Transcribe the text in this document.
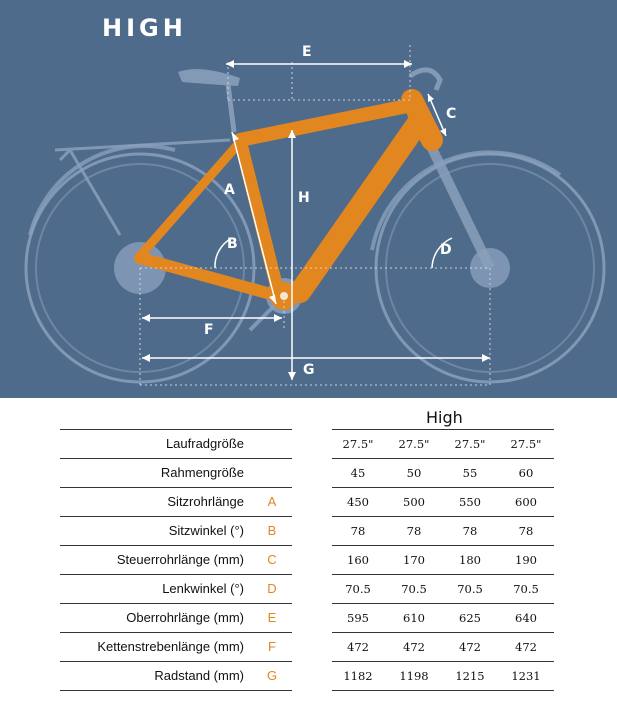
HIGH
E
C
A	H
B	D
F
G
High
Laufradgröße	27.5"	27.5"	27.5"	27.5"
Rahmengröße	45	50	55	60
Sitzrohrlänge A	450	500	550	600
Sitzwinkel (°) B	78	78	78	78
Steuerrohrlänge (mm) C	160	170	180	190
Lenkwinkel (°) D	70.5	70.5	70.5	70.5
Oberrohrlänge (mm) E	595	610	625	640
Kettenstrebenlänge (mm) F	472	472	472	472
Radstand (mm) G	1182	1198	1215	1231
